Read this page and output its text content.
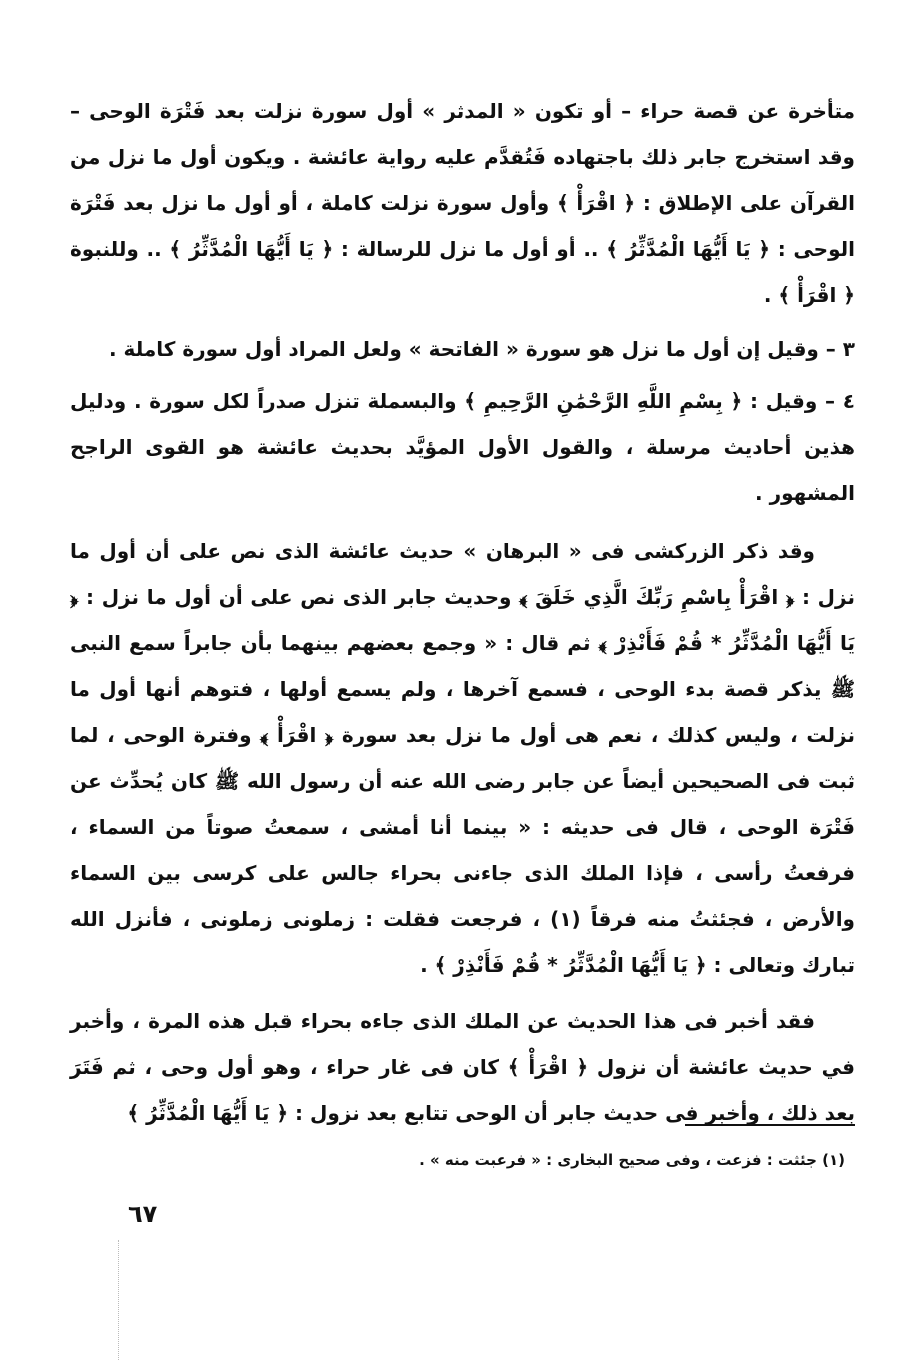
متأخرة عن قصة حراء – أو تكون « المدثر » أول سورة نزلت بعد فَتْرَة الوحى – وقد استخرج جابر ذلك باجتهاده فَتُقدَّم عليه رواية عائشة . ويكون أول ما نزل من القرآن على الإطلاق : ﴿ اقْرَأْ ﴾ وأول سورة نزلت كاملة ، أو أول ما نزل بعد فَتْرَة الوحى : ﴿ يَا أَيُّهَا الْمُدَّثِّرُ ﴾ .. أو أول ما نزل للرسالة : ﴿ يَا أَيُّهَا الْمُدَّثِّرُ ﴾ .. وللنبوة ﴿ اقْرَأْ ﴾ .

٣ – وقيل إن أول ما نزل هو سورة « الفاتحة » ولعل المراد أول سورة كاملة .

٤ – وقيل : ﴿ بِسْمِ اللَّهِ الرَّحْمَٰنِ الرَّحِيمِ ﴾ والبسملة تنزل صدراً لكل سورة . ودليل هذين أحاديث مرسلة ، والقول الأول المؤيَّد بحديث عائشة هو القوى الراجح المشهور .

وقد ذكر الزركشى فى « البرهان » حديث عائشة الذى نص على أن أول ما نزل : ﴿ اقْرَأْ بِاسْمِ رَبِّكَ الَّذِي خَلَقَ ﴾ وحديث جابر الذى نص على أن أول ما نزل : ﴿ يَا أَيُّهَا الْمُدَّثِّرُ * قُمْ فَأَنْذِرْ ﴾ ثم قال : « وجمع بعضهم بينهما بأن جابراً سمع النبى ﷺ يذكر قصة بدء الوحى ، فسمع آخرها ، ولم يسمع أولها ، فتوهم أنها أول ما نزلت ، وليس كذلك ، نعم هى أول ما نزل بعد سورة ﴿ اقْرَأْ ﴾ وفترة الوحى ، لما ثبت فى الصحيحين أيضاً عن جابر رضى الله عنه أن رسول الله ﷺ كان يُحدِّث عن فَتْرَة الوحى ، قال فى حديثه : « بينما أنا أمشى ، سمعتُ صوتاً من السماء ، فرفعتُ رأسى ، فإذا الملك الذى جاءنى بحراء جالس على كرسى بين السماء والأرض ، فجئثتُ منه فرقاً (١) ، فرجعت فقلت : زملونى زملونى ، فأنزل الله تبارك وتعالى : ﴿ يَا أَيُّهَا الْمُدَّثِّرُ * قُمْ فَأَنْذِرْ ﴾ .

فقد أخبر فى هذا الحديث عن الملك الذى جاءه بحراء قبل هذه المرة ، وأخبر في حديث عائشة أن نزول ﴿ اقْرَأْ ﴾ كان فى غار حراء ، وهو أول وحى ، ثم فَتَرَ بعد ذلك ، وأخبر فى حديث جابر أن الوحى تتابع بعد نزول : ﴿ يَا أَيُّهَا الْمُدَّثِّرُ ﴾

(١) جئثت : فزعت ، وفى صحيح البخارى : « فرعبت منه » .
٦٧
